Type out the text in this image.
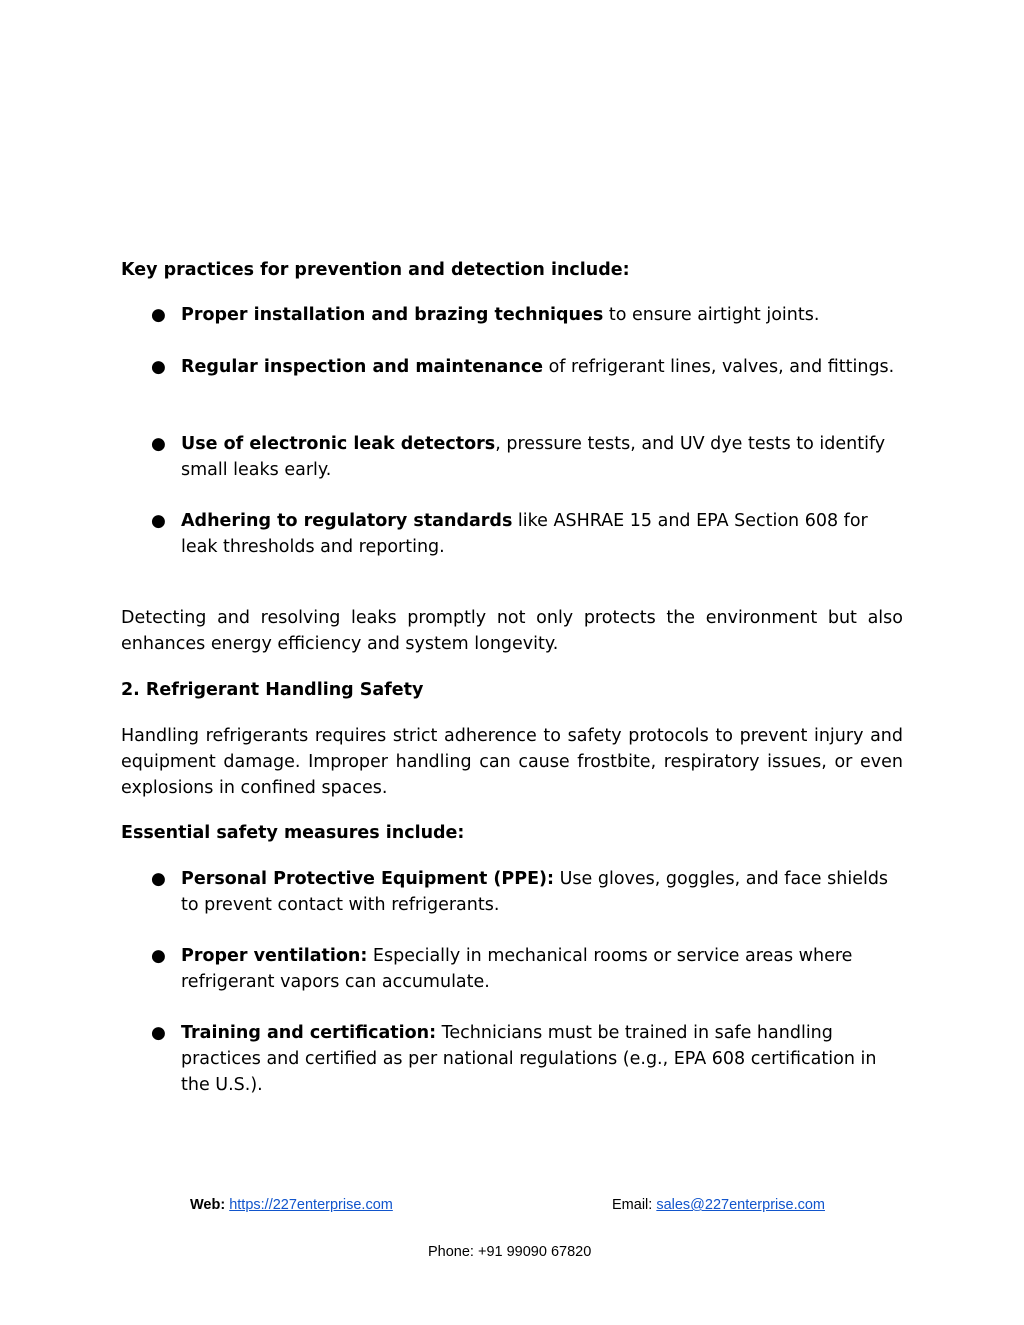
Key practices for prevention and detection include:
● Proper installation and brazing techniques to ensure airtight joints.
● Regular inspection and maintenance of refrigerant lines, valves, and fittings.
● Use of electronic leak detectors, pressure tests, and UV dye tests to identify small leaks early.
● Adhering to regulatory standards like ASHRAE 15 and EPA Section 608 for leak thresholds and reporting.
Detecting and resolving leaks promptly not only protects the environment but also enhances energy efficiency and system longevity.
2. Refrigerant Handling Safety
Handling refrigerants requires strict adherence to safety protocols to prevent injury and equipment damage. Improper handling can cause frostbite, respiratory issues, or even explosions in confined spaces.
Essential safety measures include:
● Personal Protective Equipment (PPE): Use gloves, goggles, and face shields to prevent contact with refrigerants.
● Proper ventilation: Especially in mechanical rooms or service areas where refrigerant vapors can accumulate.
● Training and certification: Technicians must be trained in safe handling practices and certified as per national regulations (e.g., EPA 608 certification in the U.S.).
Web: https://227enterprise.com	Email: sales@227enterprise.com
Phone: +91 99090 67820
